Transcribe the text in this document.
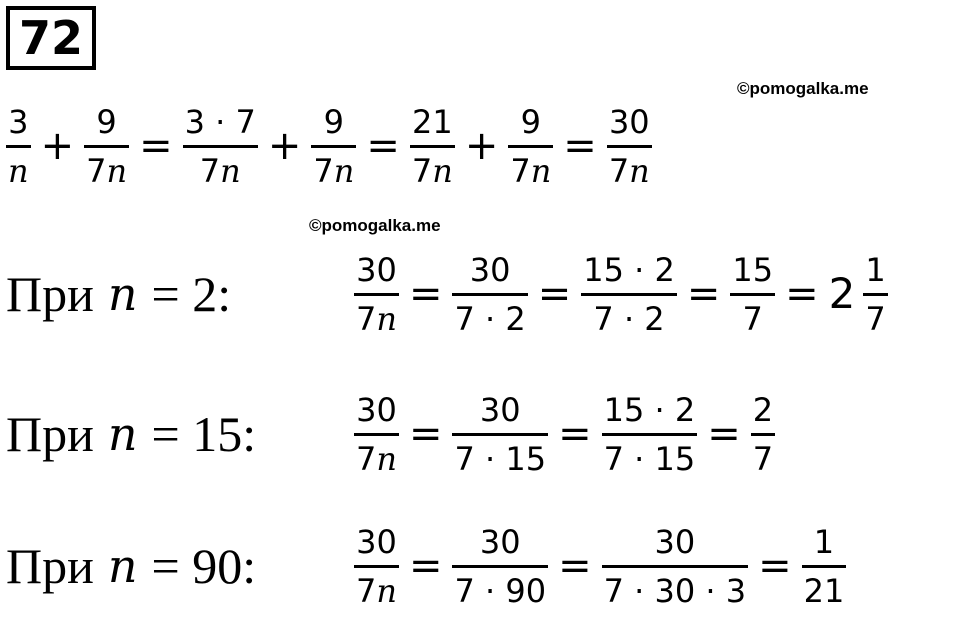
72
©pomogalka.me
©pomogalka.me
$\frac{3}{n} + \frac{9}{7n} = \frac{3 \cdot 7}{7n} + \frac{9}{7n} = \frac{21}{7n} + \frac{9}{7n} = \frac{30}{7n}$
При n = 2:	$\frac{30}{7n} = \frac{30}{7 \cdot 2} = \frac{15 \cdot 2}{7 \cdot 2} = \frac{15}{7} = 2 \frac{1}{7}$
При n = 15:	$\frac{30}{7n} = \frac{30}{7 \cdot 15} = \frac{15 \cdot 2}{7 \cdot 15} = \frac{2}{7}$
При n = 90:	$\frac{30}{7n} = \frac{30}{7 \cdot 90} = \frac{30}{7 \cdot 30 \cdot 3} = \frac{1}{21}$
